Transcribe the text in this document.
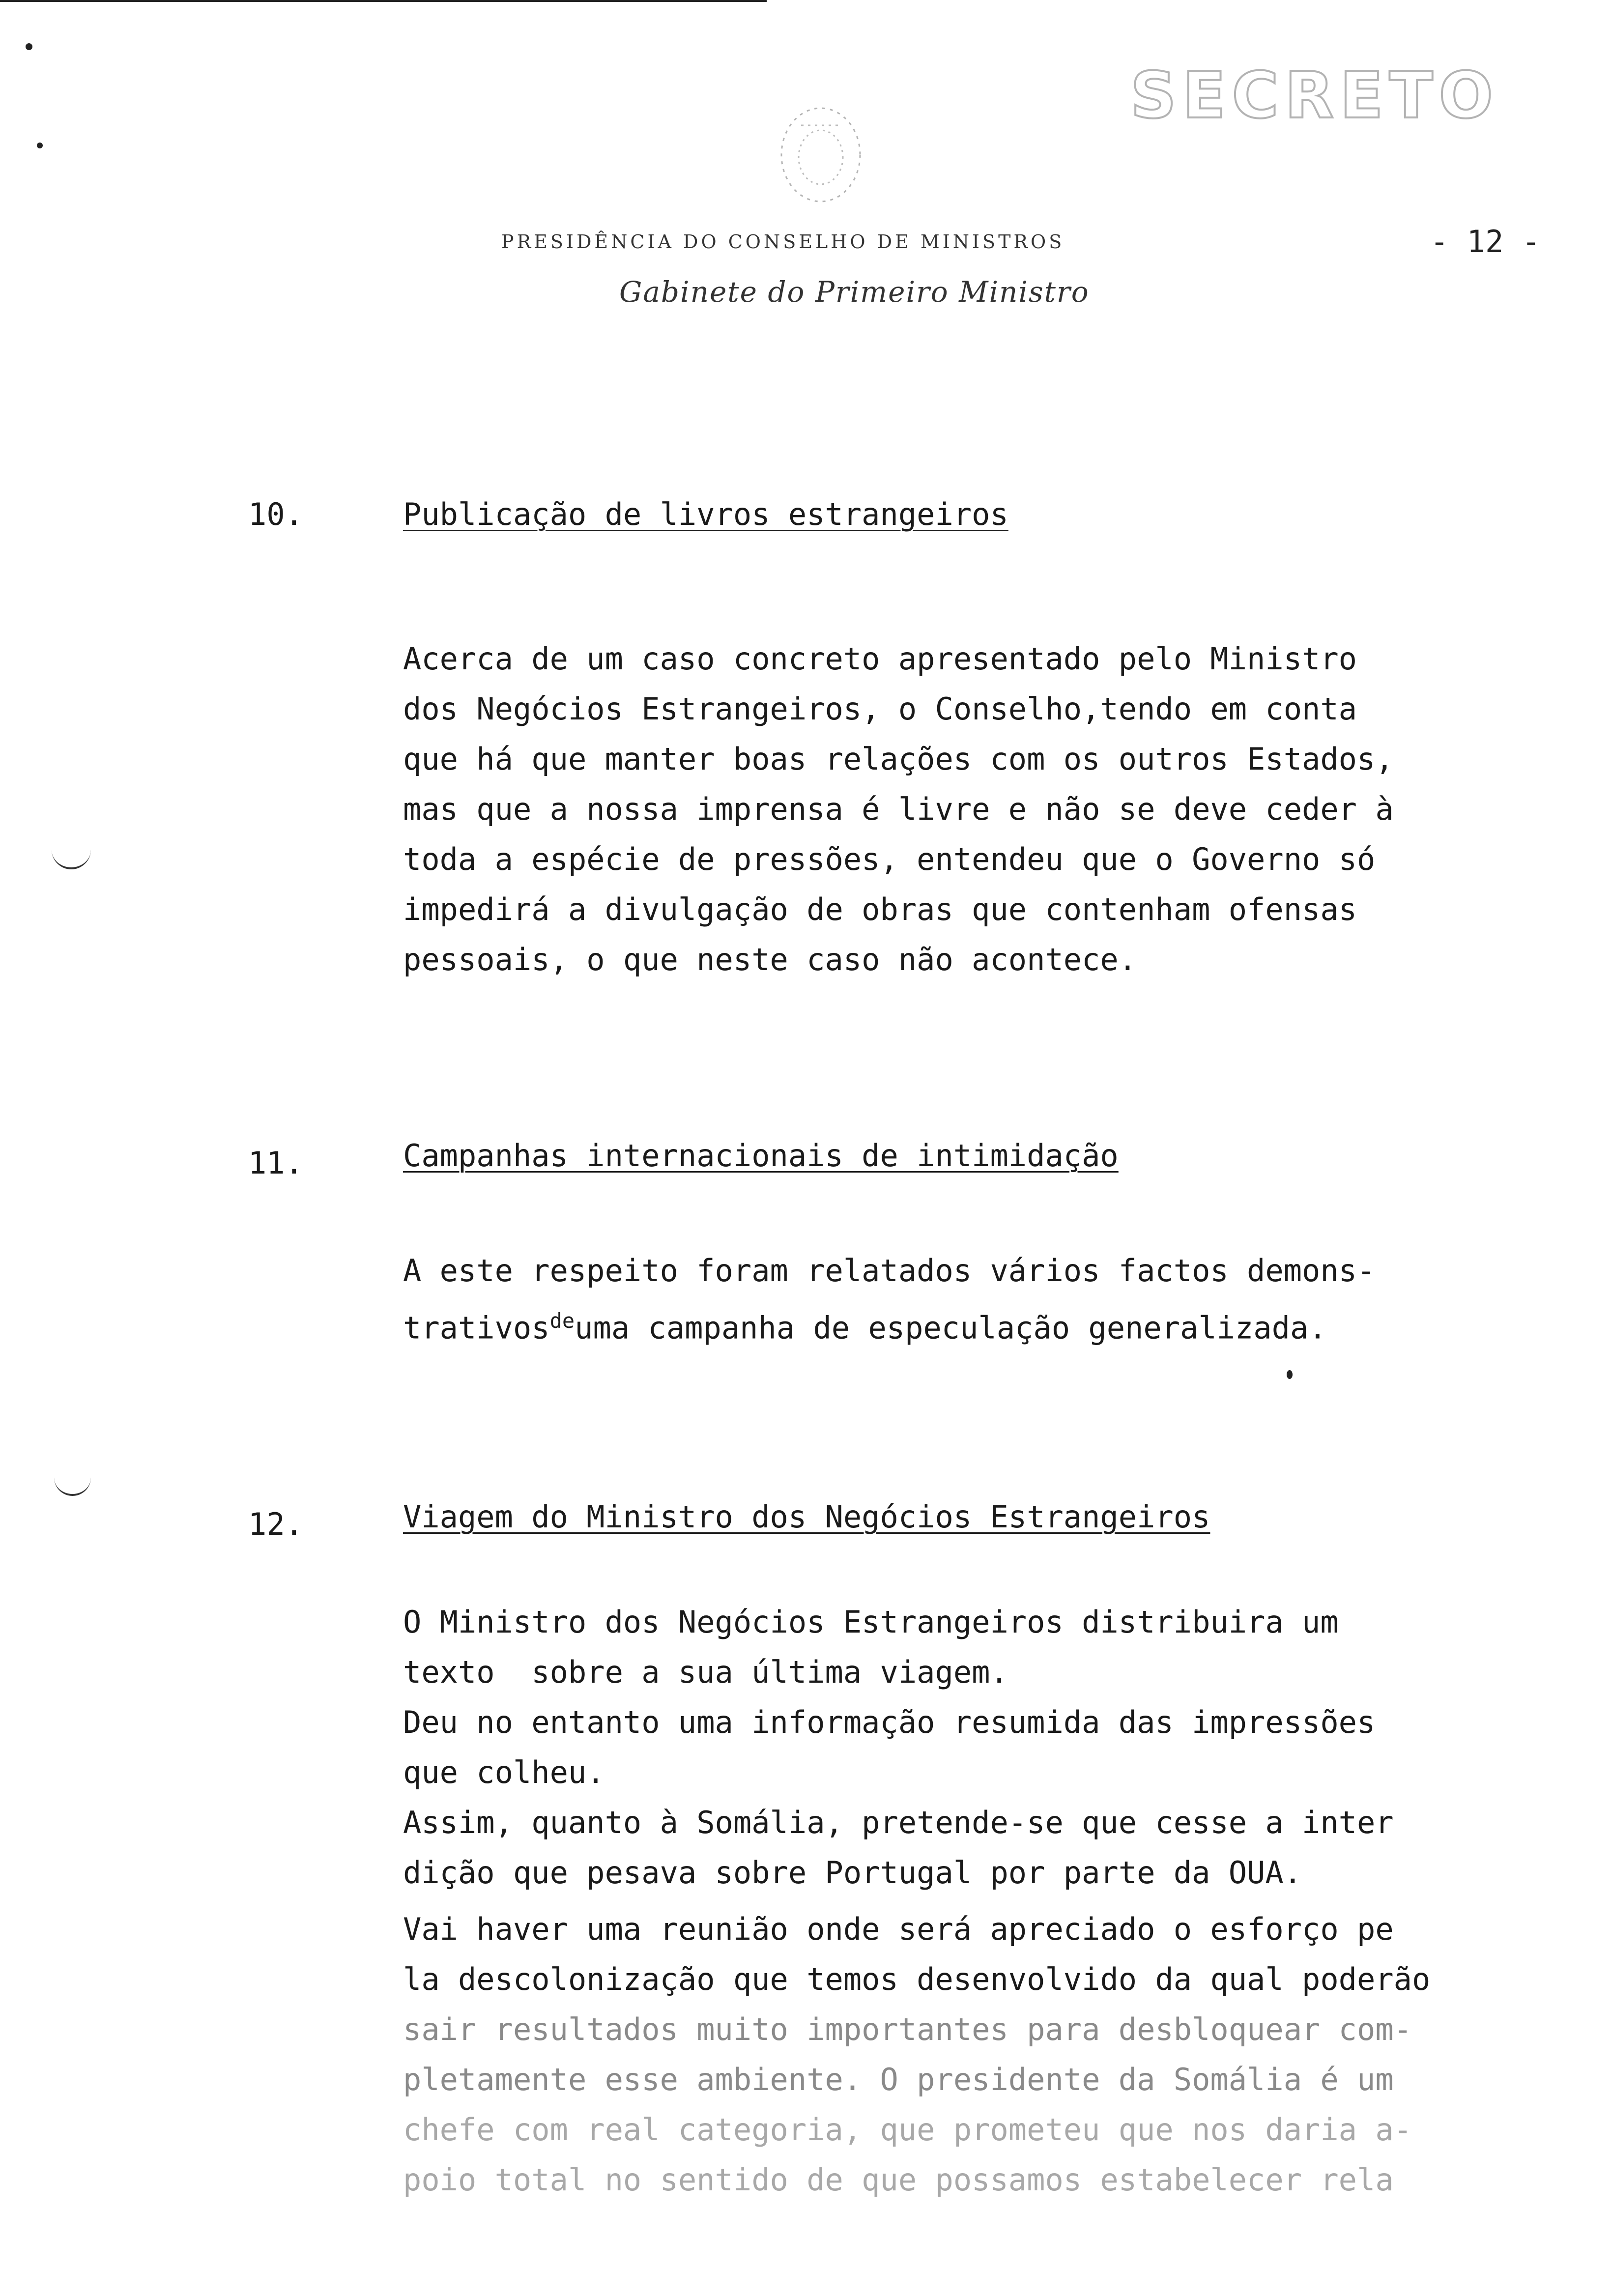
SECRETO
PRESIDÊNCIA DO CONSELHO DE MINISTROS
Gabinete do Primeiro Ministro
- 12 -
10.	Publicação de livros estrangeiros
Acerca de um caso concreto apresentado pelo Ministro
dos Negócios Estrangeiros, o Conselho,tendo em conta
que há que manter boas relações com os outros Estados,
mas que a nossa imprensa é livre e não se deve ceder à
toda a espécie de pressões, entendeu que o Governo só
impedirá a divulgação de obras que contenham ofensas
pessoais, o que neste caso não acontece.
11.	Campanhas internacionais de intimidação
A este respeito foram relatados vários factos demons-
trativos$^{de}$uma campanha de especulação generalizada.
12.	Viagem do Ministro dos Negócios Estrangeiros
O Ministro dos Negócios Estrangeiros distribuira um
texto  sobre a sua última viagem.
Deu no entanto uma informação resumida das impressões
que colheu.
Assim, quanto à Somália, pretende-se que cesse a inter
dição que pesava sobre Portugal por parte da OUA.
Vai haver uma reunião onde será apreciado o esforço pe
la descolonização que temos desenvolvido da qual poderão
sair resultados muito importantes para desbloquear com-
pletamente esse ambiente. O presidente da Somália é um
chefe com real categoria, que prometeu que nos daria a-
poio total no sentido de que possamos estabelecer rela
